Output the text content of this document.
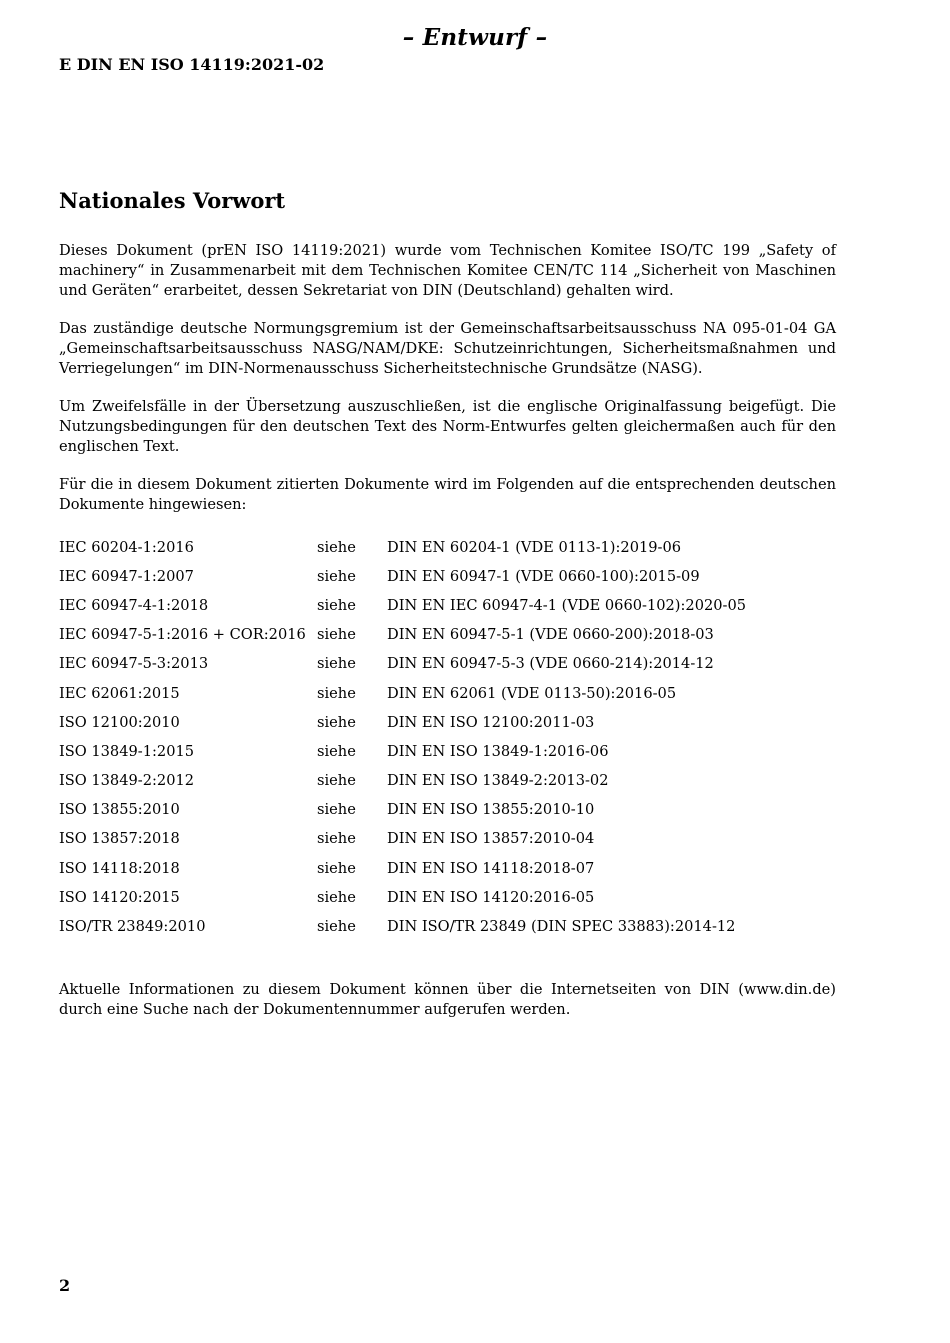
– Entwurf –
E DIN EN ISO 14119:2021-02
Nationales Vorwort

Dieses Dokument (prEN ISO 14119:2021) wurde vom Technischen Komitee ISO/TC 199 „Safety of machinery“ in Zusammenarbeit mit dem Technischen Komitee CEN/TC 114 „Sicherheit von Maschinen und Geräten“ erarbeitet, dessen Sekretariat von DIN (Deutschland) gehalten wird.

Das zuständige deutsche Normungsgremium ist der Gemeinschaftsarbeitsausschuss NA 095-01-04 GA „Gemeinschaftsarbeitsausschuss NASG/NAM/DKE: Schutzeinrichtungen, Sicherheitsmaßnahmen und Verriegelungen“ im DIN-Normenausschuss Sicherheitstechnische Grundsätze (NASG).

Um Zweifelsfälle in der Übersetzung auszuschließen, ist die englische Originalfassung beigefügt. Die Nutzungsbedingungen für den deutschen Text des Norm-Entwurfes gelten gleichermaßen auch für den englischen Text.

Für die in diesem Dokument zitierten Dokumente wird im Folgenden auf die entsprechenden deutschen Dokumente hingewiesen:

IEC 60204-1:2016	siehe	DIN EN 60204-1 (VDE 0113-1):2019-06
IEC 60947-1:2007	siehe	DIN EN 60947-1 (VDE 0660-100):2015-09
IEC 60947-4-1:2018	siehe	DIN EN IEC 60947-4-1 (VDE 0660-102):2020-05
IEC 60947-5-1:2016 + COR:2016	siehe	DIN EN 60947-5-1 (VDE 0660-200):2018-03
IEC 60947-5-3:2013	siehe	DIN EN 60947-5-3 (VDE 0660-214):2014-12
IEC 62061:2015	siehe	DIN EN 62061 (VDE 0113-50):2016-05
ISO 12100:2010	siehe	DIN EN ISO 12100:2011-03
ISO 13849-1:2015	siehe	DIN EN ISO 13849-1:2016-06
ISO 13849-2:2012	siehe	DIN EN ISO 13849-2:2013-02
ISO 13855:2010	siehe	DIN EN ISO 13855:2010-10
ISO 13857:2018	siehe	DIN EN ISO 13857:2010-04
ISO 14118:2018	siehe	DIN EN ISO 14118:2018-07
ISO 14120:2015	siehe	DIN EN ISO 14120:2016-05
ISO/TR 23849:2010	siehe	DIN ISO/TR 23849 (DIN SPEC 33883):2014-12

Aktuelle Informationen zu diesem Dokument können über die Internetseiten von DIN (www.din.de) durch eine Suche nach der Dokumentennummer aufgerufen werden.

2
